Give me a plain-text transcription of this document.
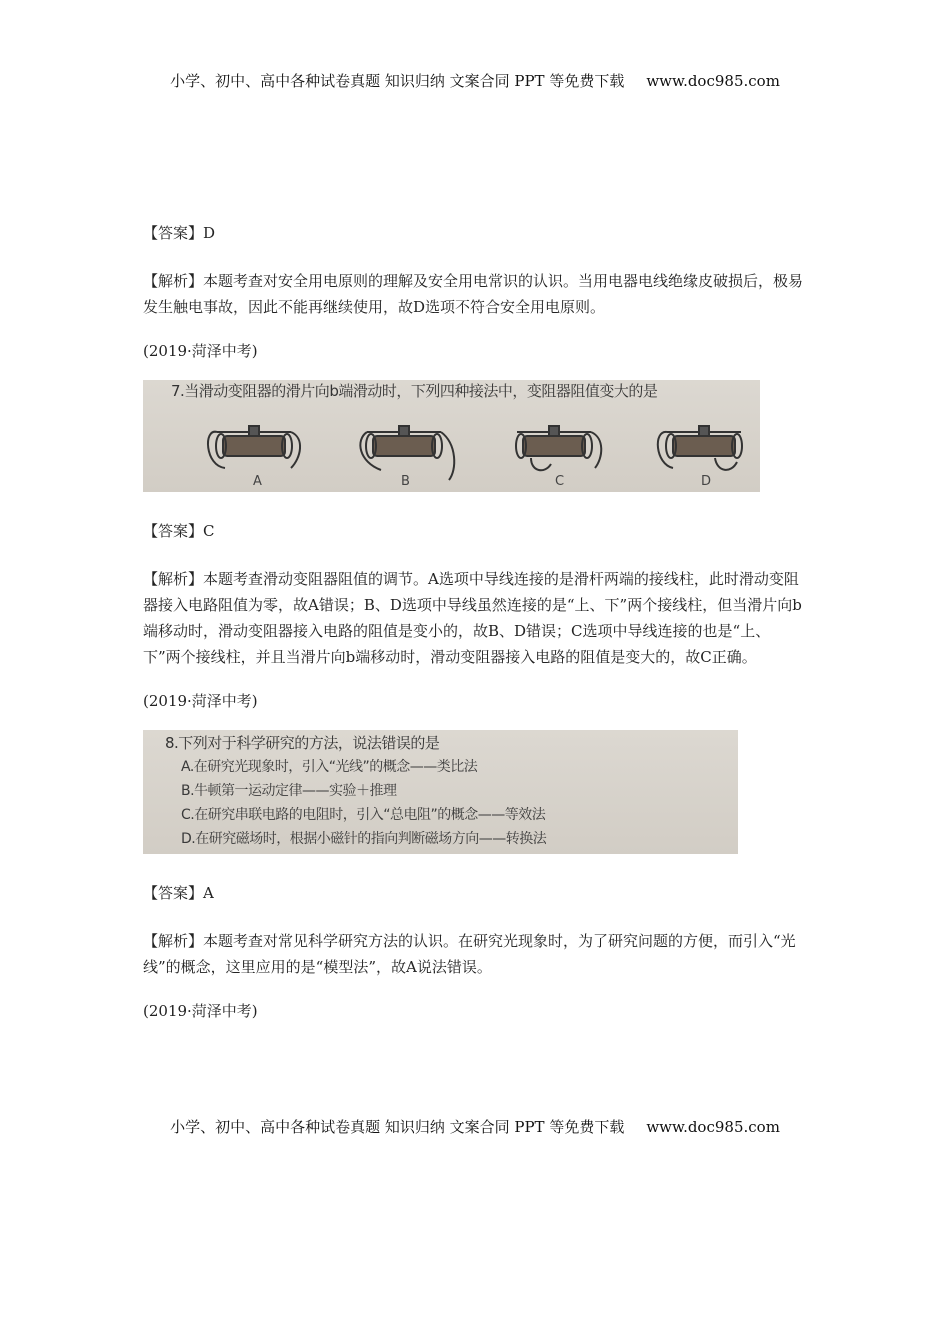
小学、初中、高中各种试卷真题 知识归纳 文案合同 PPT 等免费下载 www.doc985.com

【答案】D

【解析】本题考查对安全用电原则的理解及安全用电常识的认识。当用电器电线绝缘皮破损后，极易发生触电事故，因此不能再继续使用，故D选项不符合安全用电原则。

(2019·菏泽中考)

7.当滑动变阻器的滑片向b端滑动时，下列四种接法中，变阻器阻值变大的是
A	B	C	D

【答案】C

【解析】本题考查滑动变阻器阻值的调节。A选项中导线连接的是滑杆两端的接线柱，此时滑动变阻器接入电路阻值为零，故A错误；B、D选项中导线虽然连接的是“上、下”两个接线柱，但当滑片向b端移动时，滑动变阻器接入电路的阻值是变小的，故B、D错误；C选项中导线连接的也是“上、下”两个接线柱，并且当滑片向b端移动时，滑动变阻器接入电路的阻值是变大的，故C正确。

(2019·菏泽中考)

8.下列对于科学研究的方法，说法错误的是
A.在研究光现象时，引入“光线”的概念——类比法
B.牛顿第一运动定律——实验＋推理
C.在研究串联电路的电阻时，引入“总电阻”的概念——等效法
D.在研究磁场时，根据小磁针的指向判断磁场方向——转换法

【答案】A

【解析】本题考查对常见科学研究方法的认识。在研究光现象时，为了研究问题的方便，而引入“光线”的概念，这里应用的是“模型法”，故A说法错误。

(2019·菏泽中考)

小学、初中、高中各种试卷真题 知识归纳 文案合同 PPT 等免费下载 www.doc985.com
